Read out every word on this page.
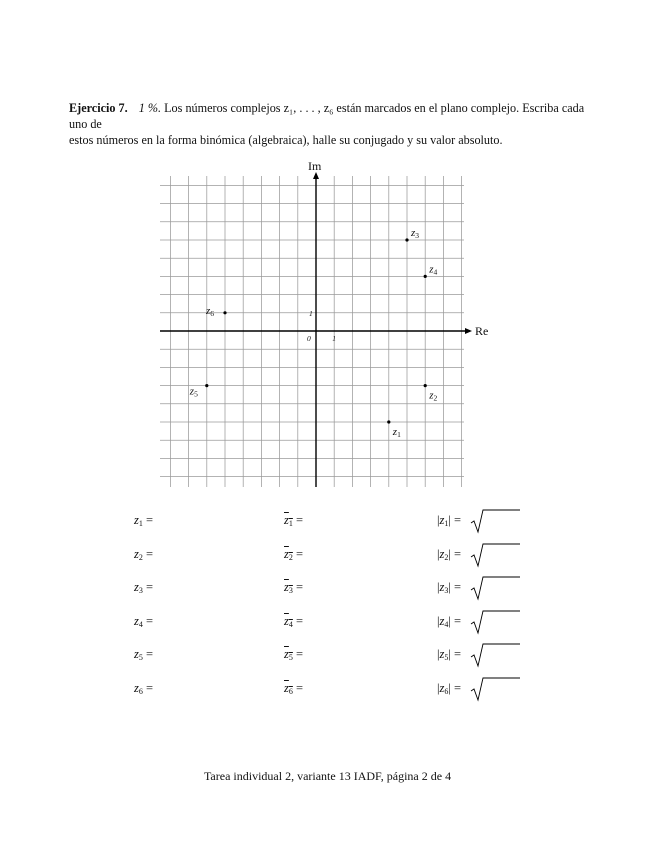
Ejercicio 7. 1 %. Los números complejos z₁, . . . , z₆ están marcados en el plano complejo. Escriba cada uno de
estos números en la forma binómica (algebraica), halle su conjugado y su valor absoluto.
Re
Im
0	1
1
z1
z2
z3
z4
z5
z6
$z_1$ =	$z_1$ =	$|z_1|$ =
$z_2$ =	$z_2$ =	$|z_2|$ =
$z_3$ =	$z_3$ =	$|z_3|$ =
$z_4$ =	$z_4$ =	$|z_4|$ =
$z_5$ =	$z_5$ =	$|z_5|$ =
$z_6$ =	$z_6$ =	$|z_6|$ =
Tarea individual 2, variante 13 IADF, página 2 de 4
